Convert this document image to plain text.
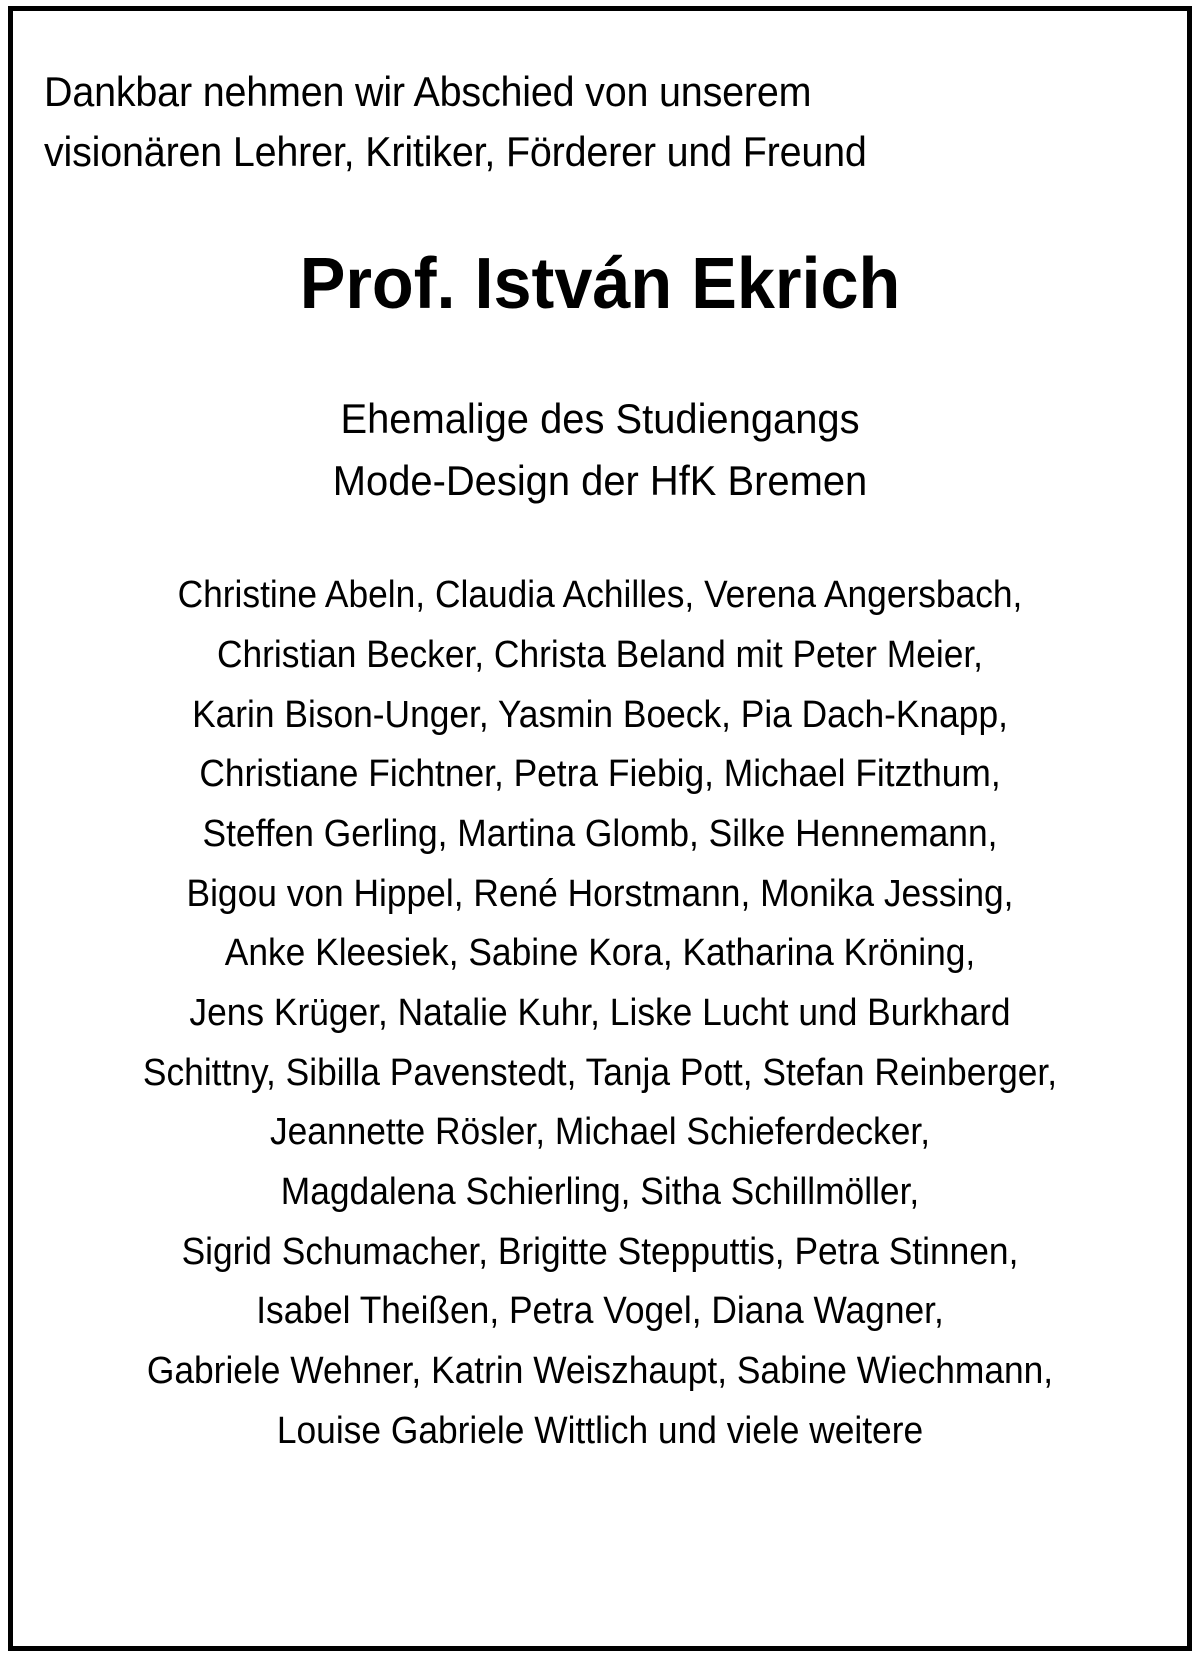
Dankbar nehmen wir Abschied von unserem
visionären Lehrer, Kritiker, Förderer und Freund
Prof. István Ekrich
Ehemalige des Studiengangs
Mode-Design der HfK Bremen
Christine Abeln, Claudia Achilles, Verena Angersbach,
Christian Becker, Christa Beland mit Peter Meier,
Karin Bison-Unger, Yasmin Boeck, Pia Dach-Knapp,
Christiane Fichtner, Petra Fiebig, Michael Fitzthum,
Steffen Gerling, Martina Glomb, Silke Hennemann,
Bigou von Hippel, René Horstmann, Monika Jessing,
Anke Kleesiek, Sabine Kora, Katharina Kröning,
Jens Krüger, Natalie Kuhr, Liske Lucht und Burkhard
Schittny, Sibilla Pavenstedt, Tanja Pott, Stefan Reinberger,
Jeannette Rösler, Michael Schieferdecker,
Magdalena Schierling, Sitha Schillmöller,
Sigrid Schumacher, Brigitte Stepputtis, Petra Stinnen,
Isabel Theißen, Petra Vogel, Diana Wagner,
Gabriele Wehner, Katrin Weiszhaupt, Sabine Wiechmann,
Louise Gabriele Wittlich und viele weitere
